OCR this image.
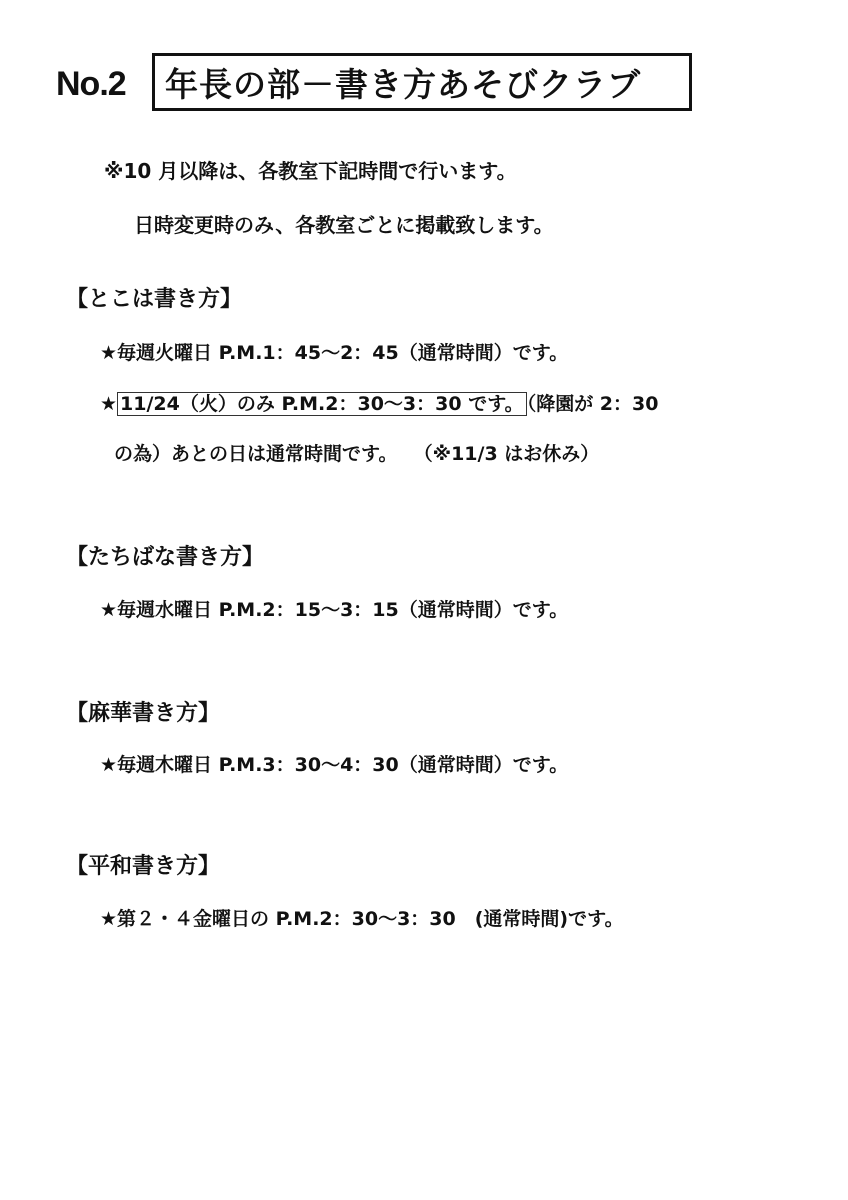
No.2 年長の部－書き方あそびクラブ
※10 月以降は、各教室下記時間で行います。
日時変更時のみ、各教室ごとに掲載致します。
【とこは書き方】
★毎週火曜日 P.M.1：45～2：45（通常時間）です。
★ 11/24（火）のみ P.M.2：30～3：30 です。 （降園が 2：30
の為）あとの日は通常時間です。　 （※11/3 はお休み）
【たちばな書き方】
★毎週水曜日 P.M.2：15～3：15（通常時間）です。
【麻華書き方】
★毎週木曜日 P.M.3：30～4：30（通常時間）です。
【平和書き方】
★第２・４金曜日の P.M.2：30～3：30　(通常時間)です。
